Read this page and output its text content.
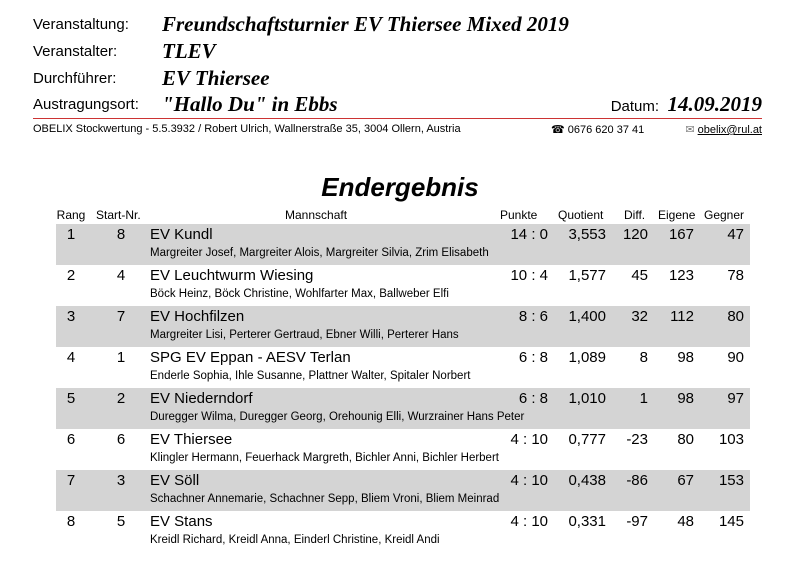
Veranstaltung: Freundschaftsturnier EV Thiersee Mixed 2019
Veranstalter: TLEV
Durchführer: EV Thiersee
Austragungsort: "Hallo Du" in Ebbs	Datum: 14.09.2019
OBELIX Stockwertung - 5.5.3932 / Robert Ulrich, Wallnerstraße 35, 3004 Ollern, Austria	☎ 0676 620 37 41	✉ obelix@rul.at
Endergebnis
Rang Start-Nr.	Mannschaft	Punkte Quotient Diff. Eigene Gegner
1	8	EV Kundl	14 : 0 3,553	120	167	47
Margreiter Josef, Margreiter Alois, Margreiter Silvia, Zrim Elisabeth
2	4	EV Leuchtwurm Wiesing	10 : 4 1,577	45	123	78
Böck Heinz, Böck Christine, Wohlfarter Max, Ballweber Elfi
3	7	EV Hochfilzen	8 : 6 1,400	32	112	80
Margreiter Lisi, Perterer Gertraud, Ebner Willi, Perterer Hans
4	1	SPG EV Eppan - AESV Terlan	6 : 8 1,089	8	98	90
Enderle Sophia, Ihle Susanne, Plattner Walter, Spitaler Norbert
5	2	EV Niederndorf	6 : 8 1,010	1	98	97
Duregger Wilma, Duregger Georg, Orehounig Elli, Wurzrainer Hans Peter
6	6	EV Thiersee	4 : 10 0,777	-23	80	103
Klingler Hermann, Feuerhack Margreth, Bichler Anni, Bichler Herbert
7	3	EV Söll	4 : 10 0,438	-86	67	153
Schachner Annemarie, Schachner Sepp, Bliem Vroni, Bliem Meinrad
8	5	EV Stans	4 : 10 0,331	-97	48	145
Kreidl Richard, Kreidl Anna, Einderl Christine, Kreidl Andi
